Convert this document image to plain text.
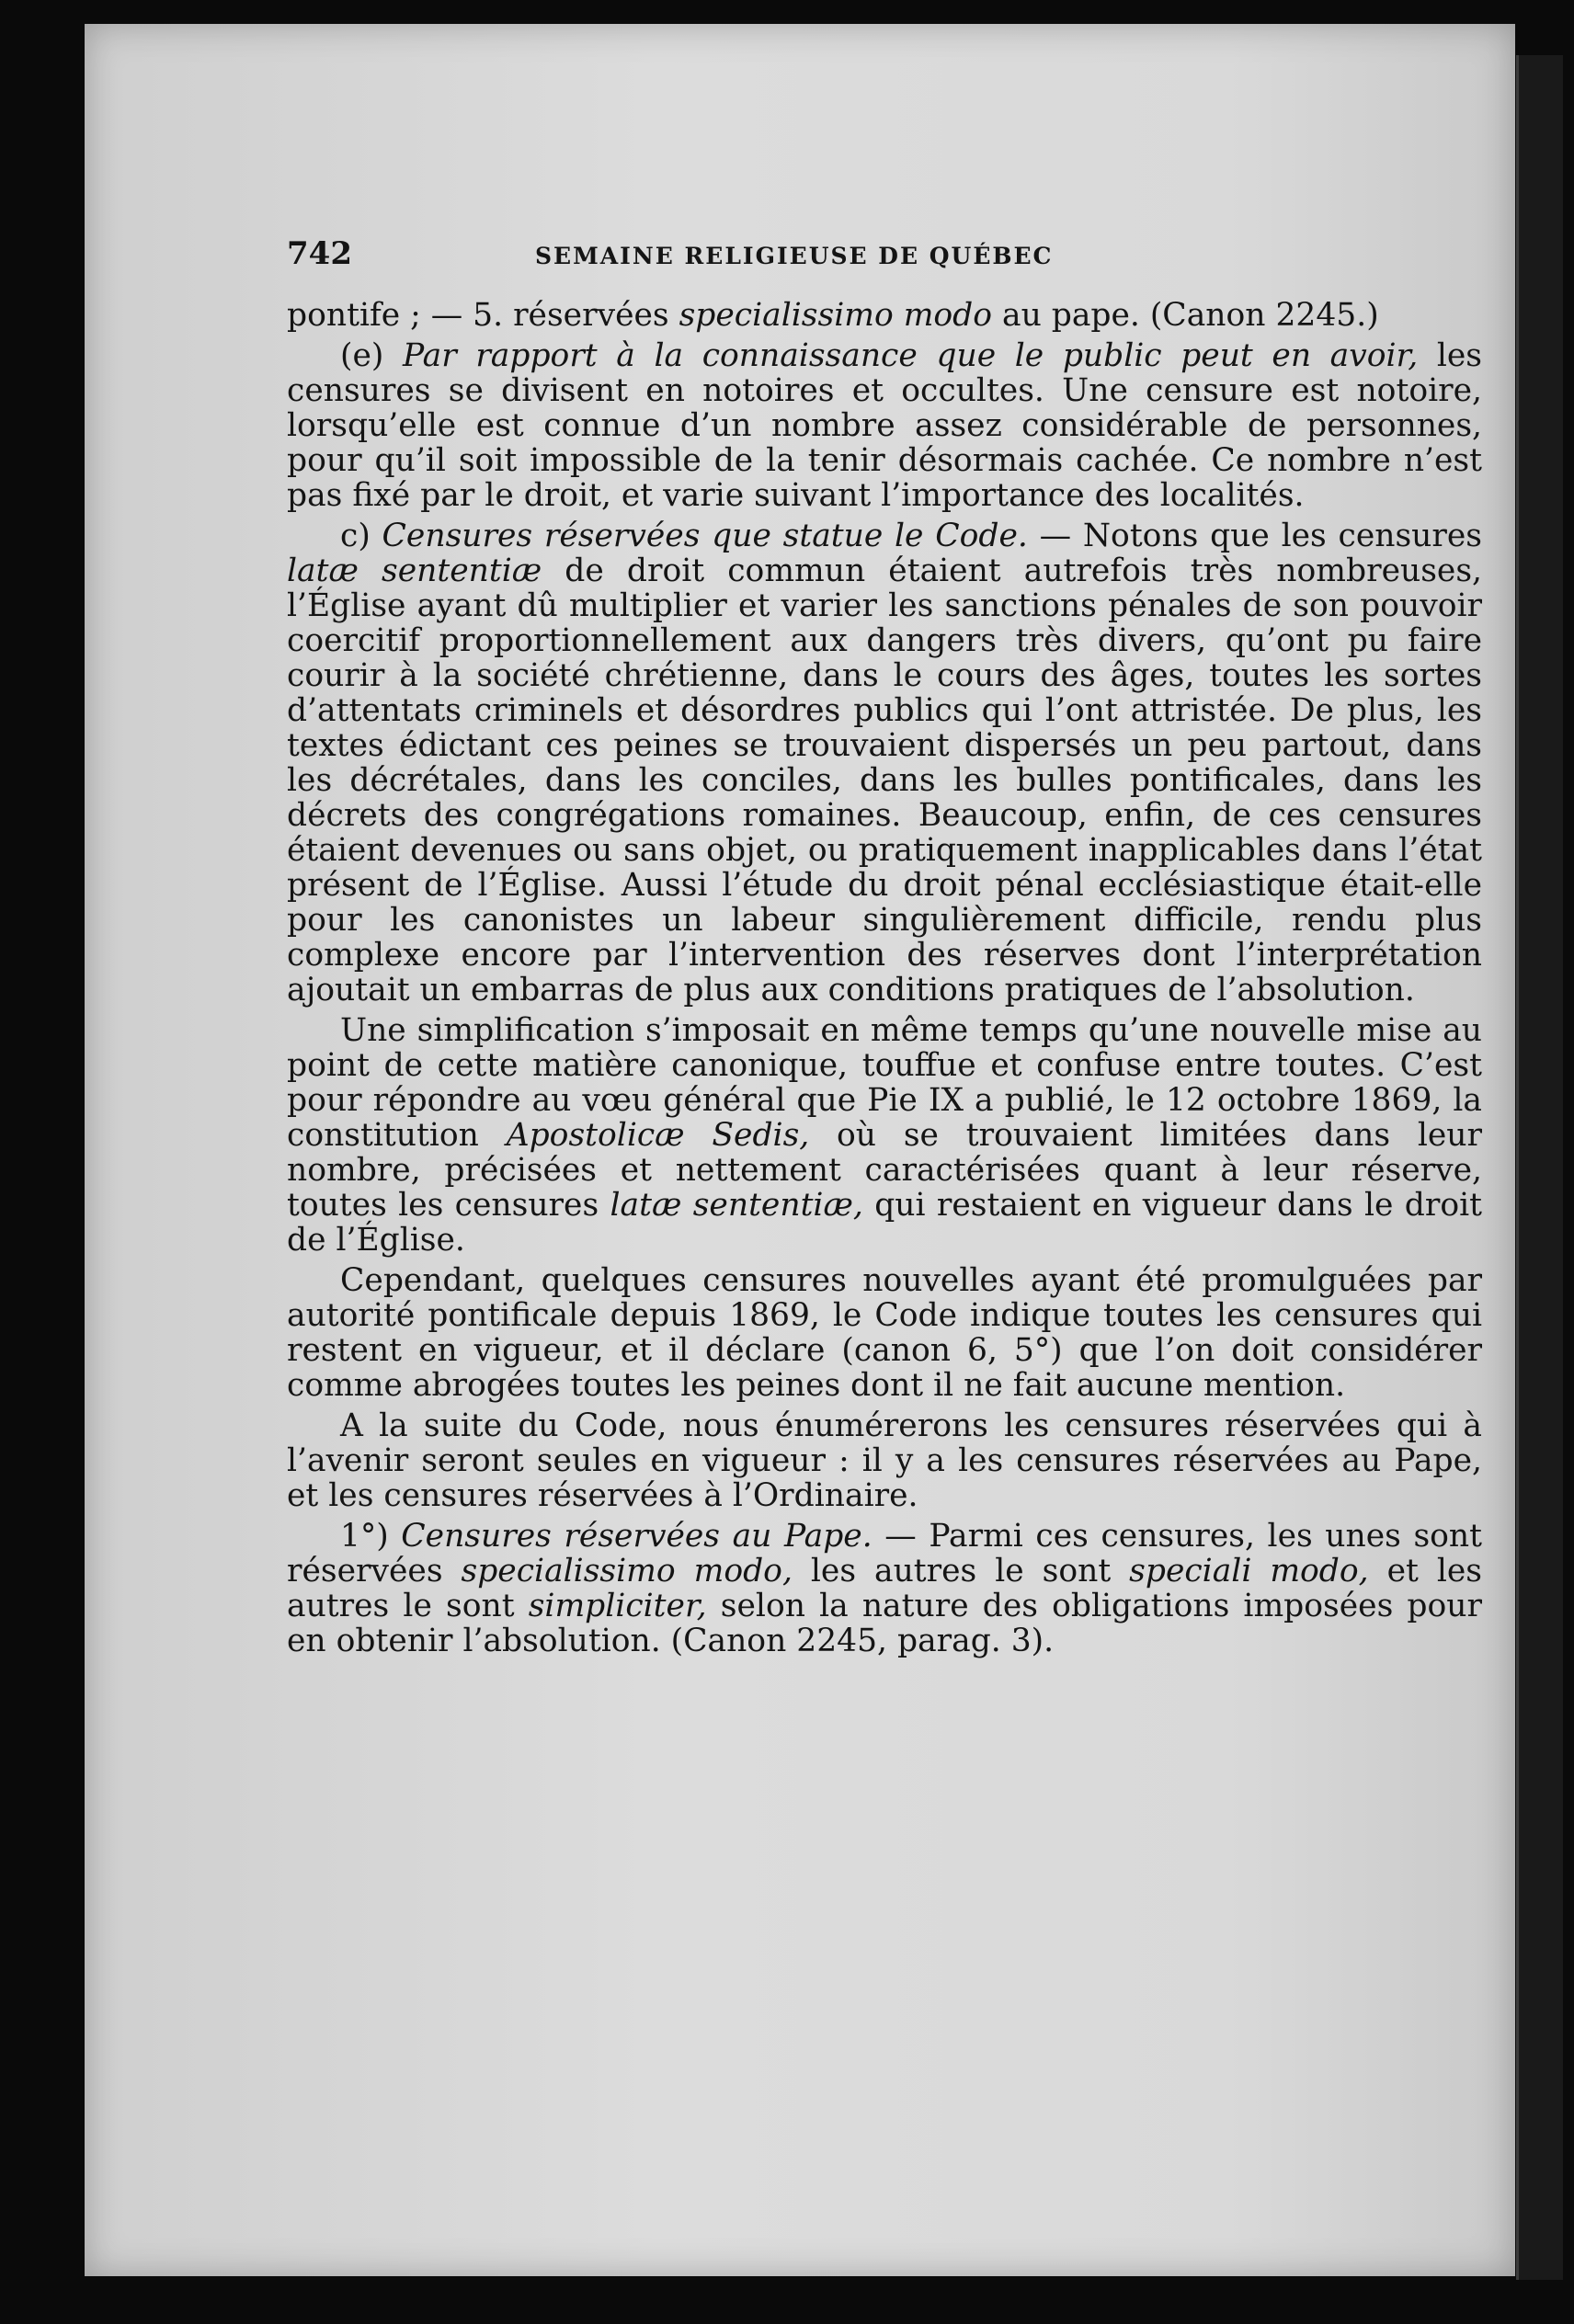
742	SEMAINE RELIGIEUSE DE QUÉBEC

pontife ; — 5. réservées specialissimo modo au pape. (Canon 2245.)

(e) Par rapport à la connaissance que le public peut en avoir, les censures se divisent en notoires et occultes. Une censure est notoire, lorsqu’elle est connue d’un nombre assez considérable de personnes, pour qu’il soit impossible de la tenir désormais cachée. Ce nombre n’est pas fixé par le droit, et varie suivant l’importance des localités.

c) Censures réservées que statue le Code. — Notons que les censures latæ sententiæ de droit commun étaient autrefois très nombreuses, l’Église ayant dû multiplier et varier les sanctions pénales de son pouvoir coercitif proportionnellement aux dangers très divers, qu’ont pu faire courir à la société chrétienne, dans le cours des âges, toutes les sortes d’attentats criminels et désordres publics qui l’ont attristée. De plus, les textes édictant ces peines se trouvaient dispersés un peu partout, dans les décrétales, dans les conciles, dans les bulles pontificales, dans les décrets des congrégations romaines. Beaucoup, enfin, de ces censures étaient devenues ou sans objet, ou pratiquement inapplicables dans l’état présent de l’Église. Aussi l’étude du droit pénal ecclésiastique était-elle pour les canonistes un labeur singulièrement difficile, rendu plus complexe encore par l’intervention des réserves dont l’interprétation ajoutait un embarras de plus aux conditions pratiques de l’absolution.

Une simplification s’imposait en même temps qu’une nouvelle mise au point de cette matière canonique, touffue et confuse entre toutes. C’est pour répondre au vœu général que Pie IX a publié, le 12 octobre 1869, la constitution Apostolicæ Sedis, où se trouvaient limitées dans leur nombre, précisées et nettement caractérisées quant à leur réserve, toutes les censures latæ sententiæ, qui restaient en vigueur dans le droit de l’Église.

Cependant, quelques censures nouvelles ayant été promulguées par autorité pontificale depuis 1869, le Code indique toutes les censures qui restent en vigueur, et il déclare (canon 6, 5°) que l’on doit considérer comme abrogées toutes les peines dont il ne fait aucune mention.

A la suite du Code, nous énumérerons les censures réservées qui à l’avenir seront seules en vigueur : il y a les censures réservées au Pape, et les censures réservées à l’Ordinaire.

1°) Censures réservées au Pape. — Parmi ces censures, les unes sont réservées specialissimo modo, les autres le sont speciali modo, et les autres le sont simpliciter, selon la nature des obligations imposées pour en obtenir l’absolution. (Canon 2245, parag. 3).
